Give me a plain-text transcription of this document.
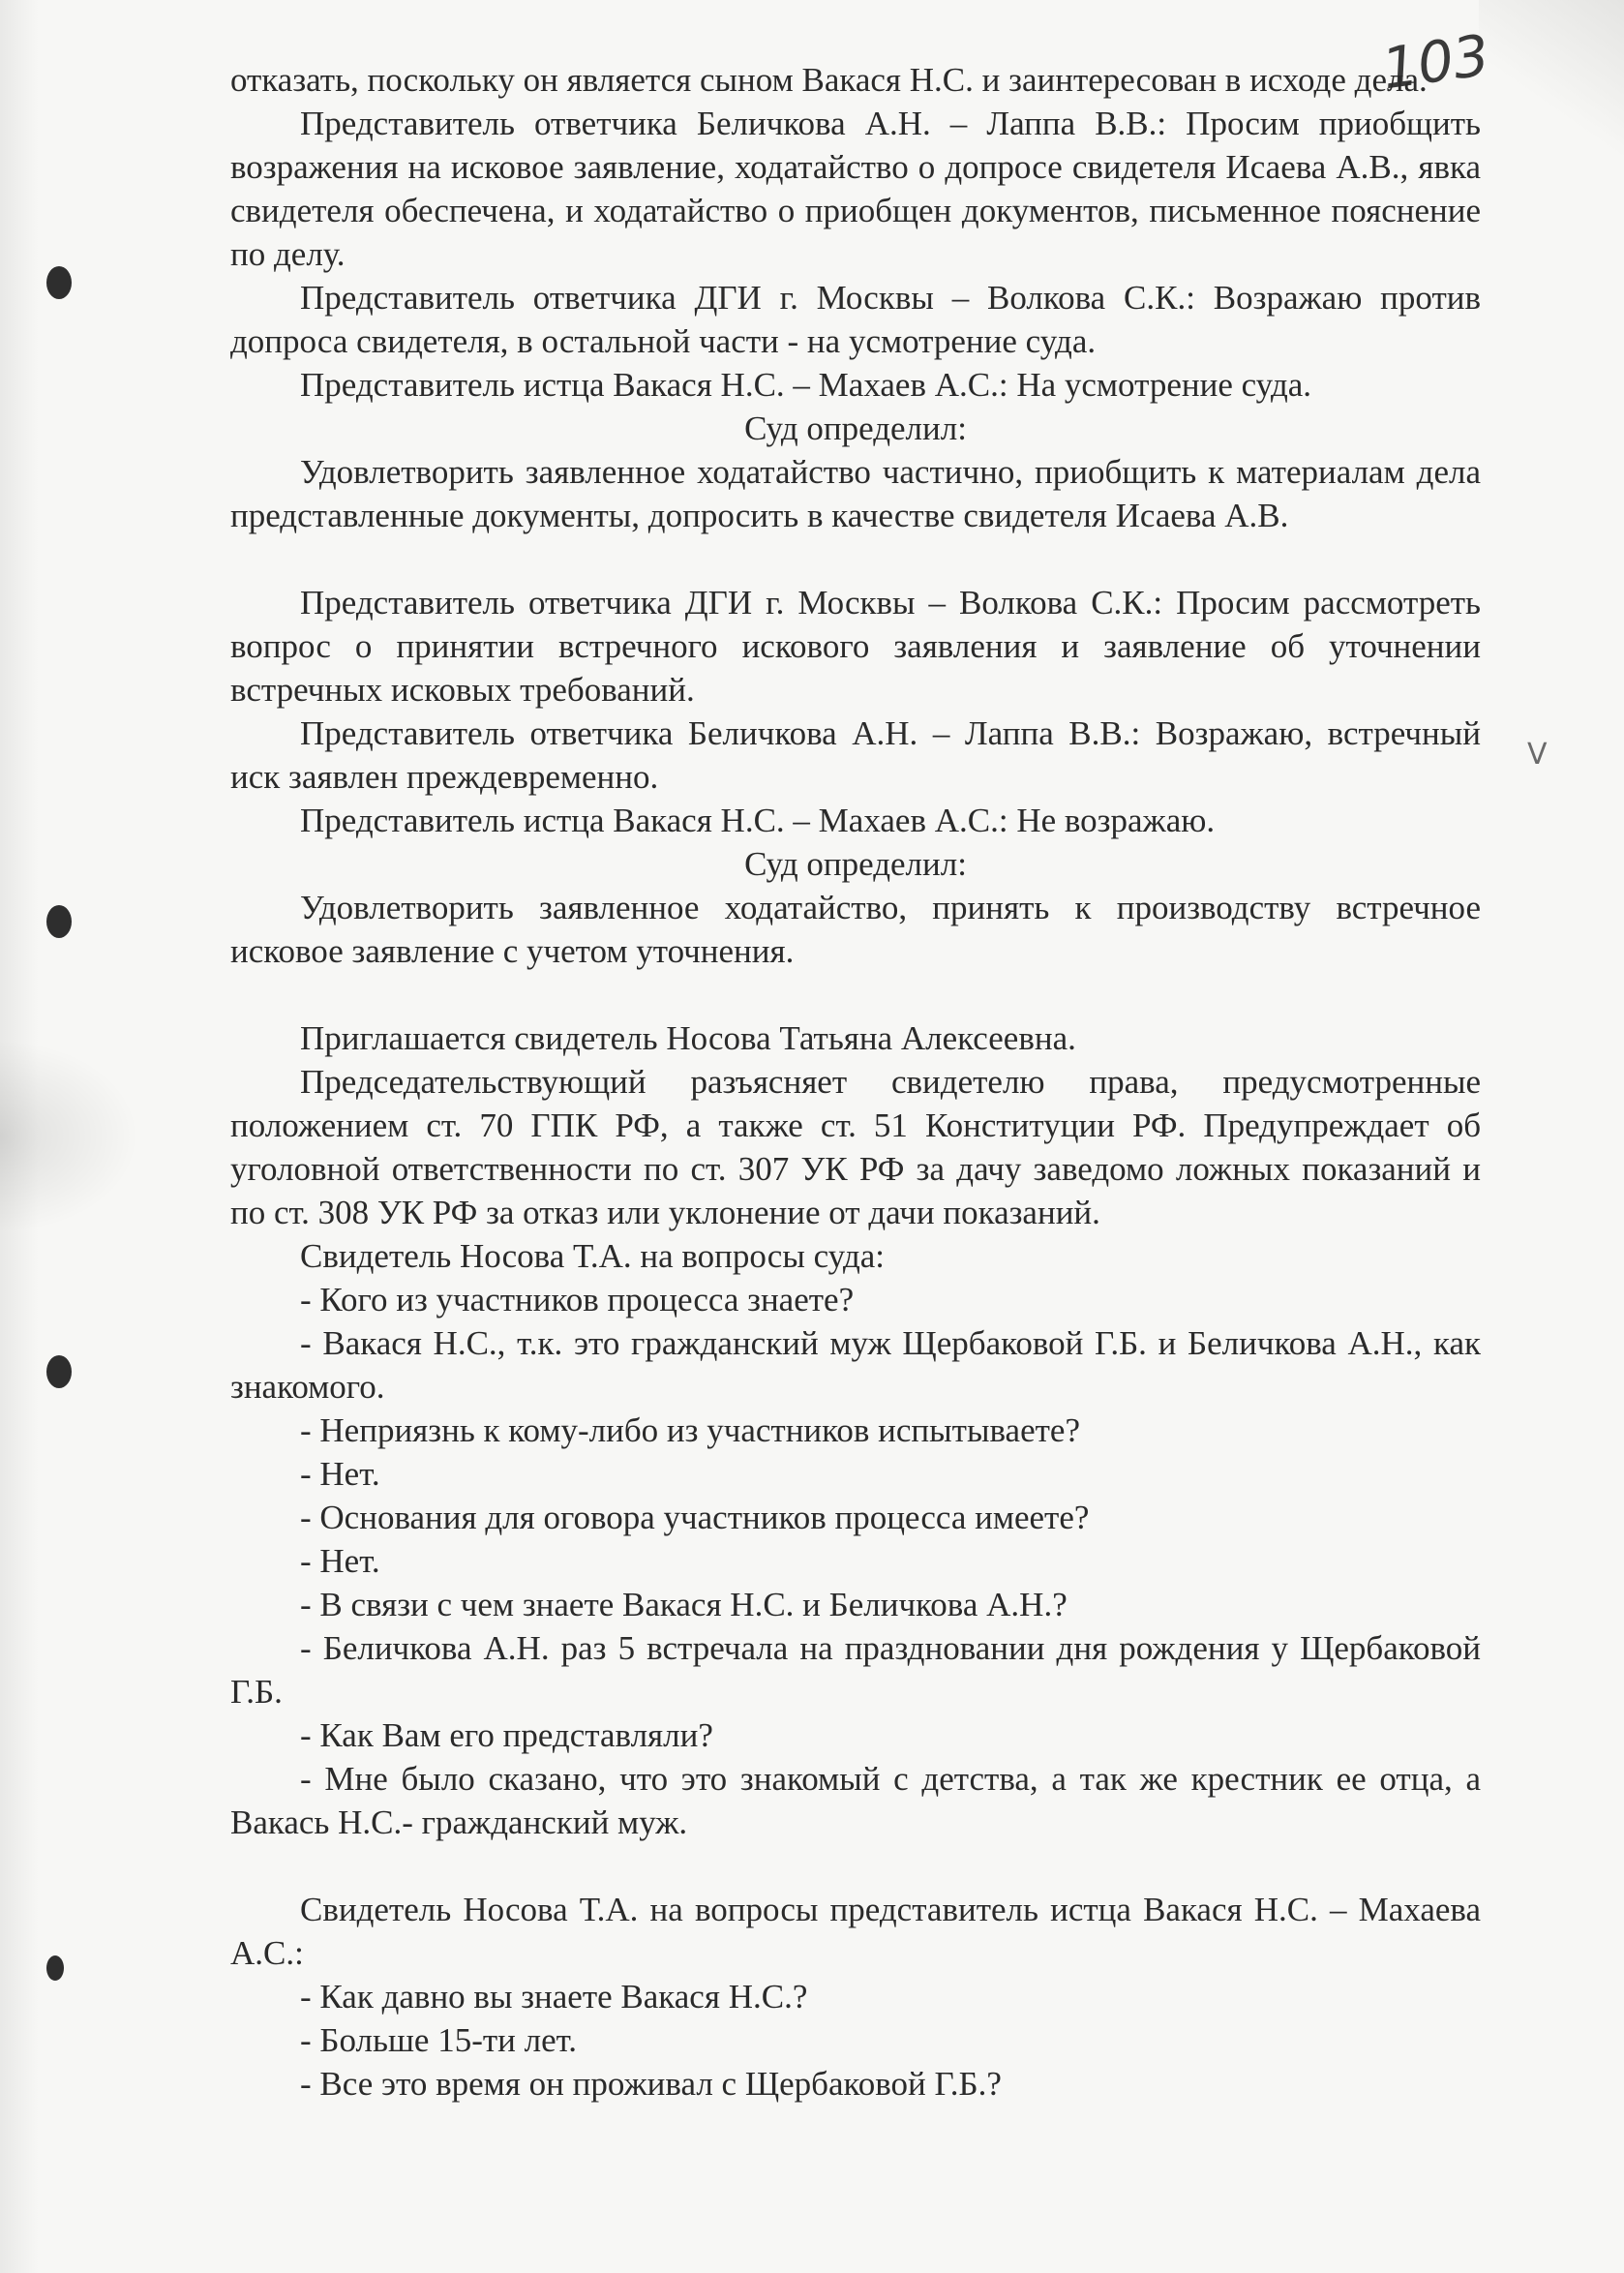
103
V

отказать, поскольку он является сыном Вакася Н.С. и заинтересован в исходе дела.

Представитель ответчика Беличкова А.Н. – Лаппа В.В.: Просим приобщить возражения на исковое заявление, ходатайство о допросе свидетеля Исаева А.В., явка свидетеля обеспечена, и ходатайство о приобщен документов, письменное пояснение по делу.

Представитель ответчика ДГИ г. Москвы – Волкова С.К.: Возражаю против допроса свидетеля, в остальной части - на усмотрение суда.

Представитель истца Вакася Н.С. – Махаев А.С.: На усмотрение суда.

Суд определил:

Удовлетворить заявленное ходатайство частично, приобщить к материалам дела представленные документы, допросить в качестве свидетеля Исаева А.В.

Представитель ответчика ДГИ г. Москвы – Волкова С.К.: Просим рассмотреть вопрос о принятии встречного искового заявления и заявление об уточнении встречных исковых требований.

Представитель ответчика Беличкова А.Н. – Лаппа В.В.: Возражаю, встречный иск заявлен преждевременно.

Представитель истца Вакася Н.С. – Махаев А.С.: Не возражаю.

Суд определил:

Удовлетворить заявленное ходатайство, принять к производству встречное исковое заявление с учетом уточнения.

Приглашается свидетель Носова Татьяна Алексеевна.

Председательствующий разъясняет свидетелю права, предусмотренные положением ст. 70 ГПК РФ, а также ст. 51 Конституции РФ. Предупреждает об уголовной ответственности по ст. 307 УК РФ за дачу заведомо ложных показаний и по ст. 308 УК РФ за отказ или уклонение от дачи показаний.

Свидетель Носова Т.А. на вопросы суда:

- Кого из участников процесса знаете?

- Вакася Н.С., т.к. это гражданский муж Щербаковой Г.Б. и Беличкова А.Н., как знакомого.

- Неприязнь к кому-либо из участников испытываете?

- Нет.

- Основания для оговора участников процесса имеете?

- Нет.

- В связи с чем знаете Вакася Н.С. и Беличкова А.Н.?

- Беличкова А.Н. раз 5 встречала на праздновании дня рождения у Щербаковой Г.Б.

- Как Вам его представляли?

- Мне было сказано, что это знакомый с детства, а так же крестник ее отца, а Вакась Н.С.- гражданский муж.

Свидетель Носова Т.А. на вопросы представитель истца Вакася Н.С. – Махаева А.С.:

- Как давно вы знаете Вакася Н.С.?

- Больше 15-ти лет.

- Все это время он проживал с Щербаковой Г.Б.?
